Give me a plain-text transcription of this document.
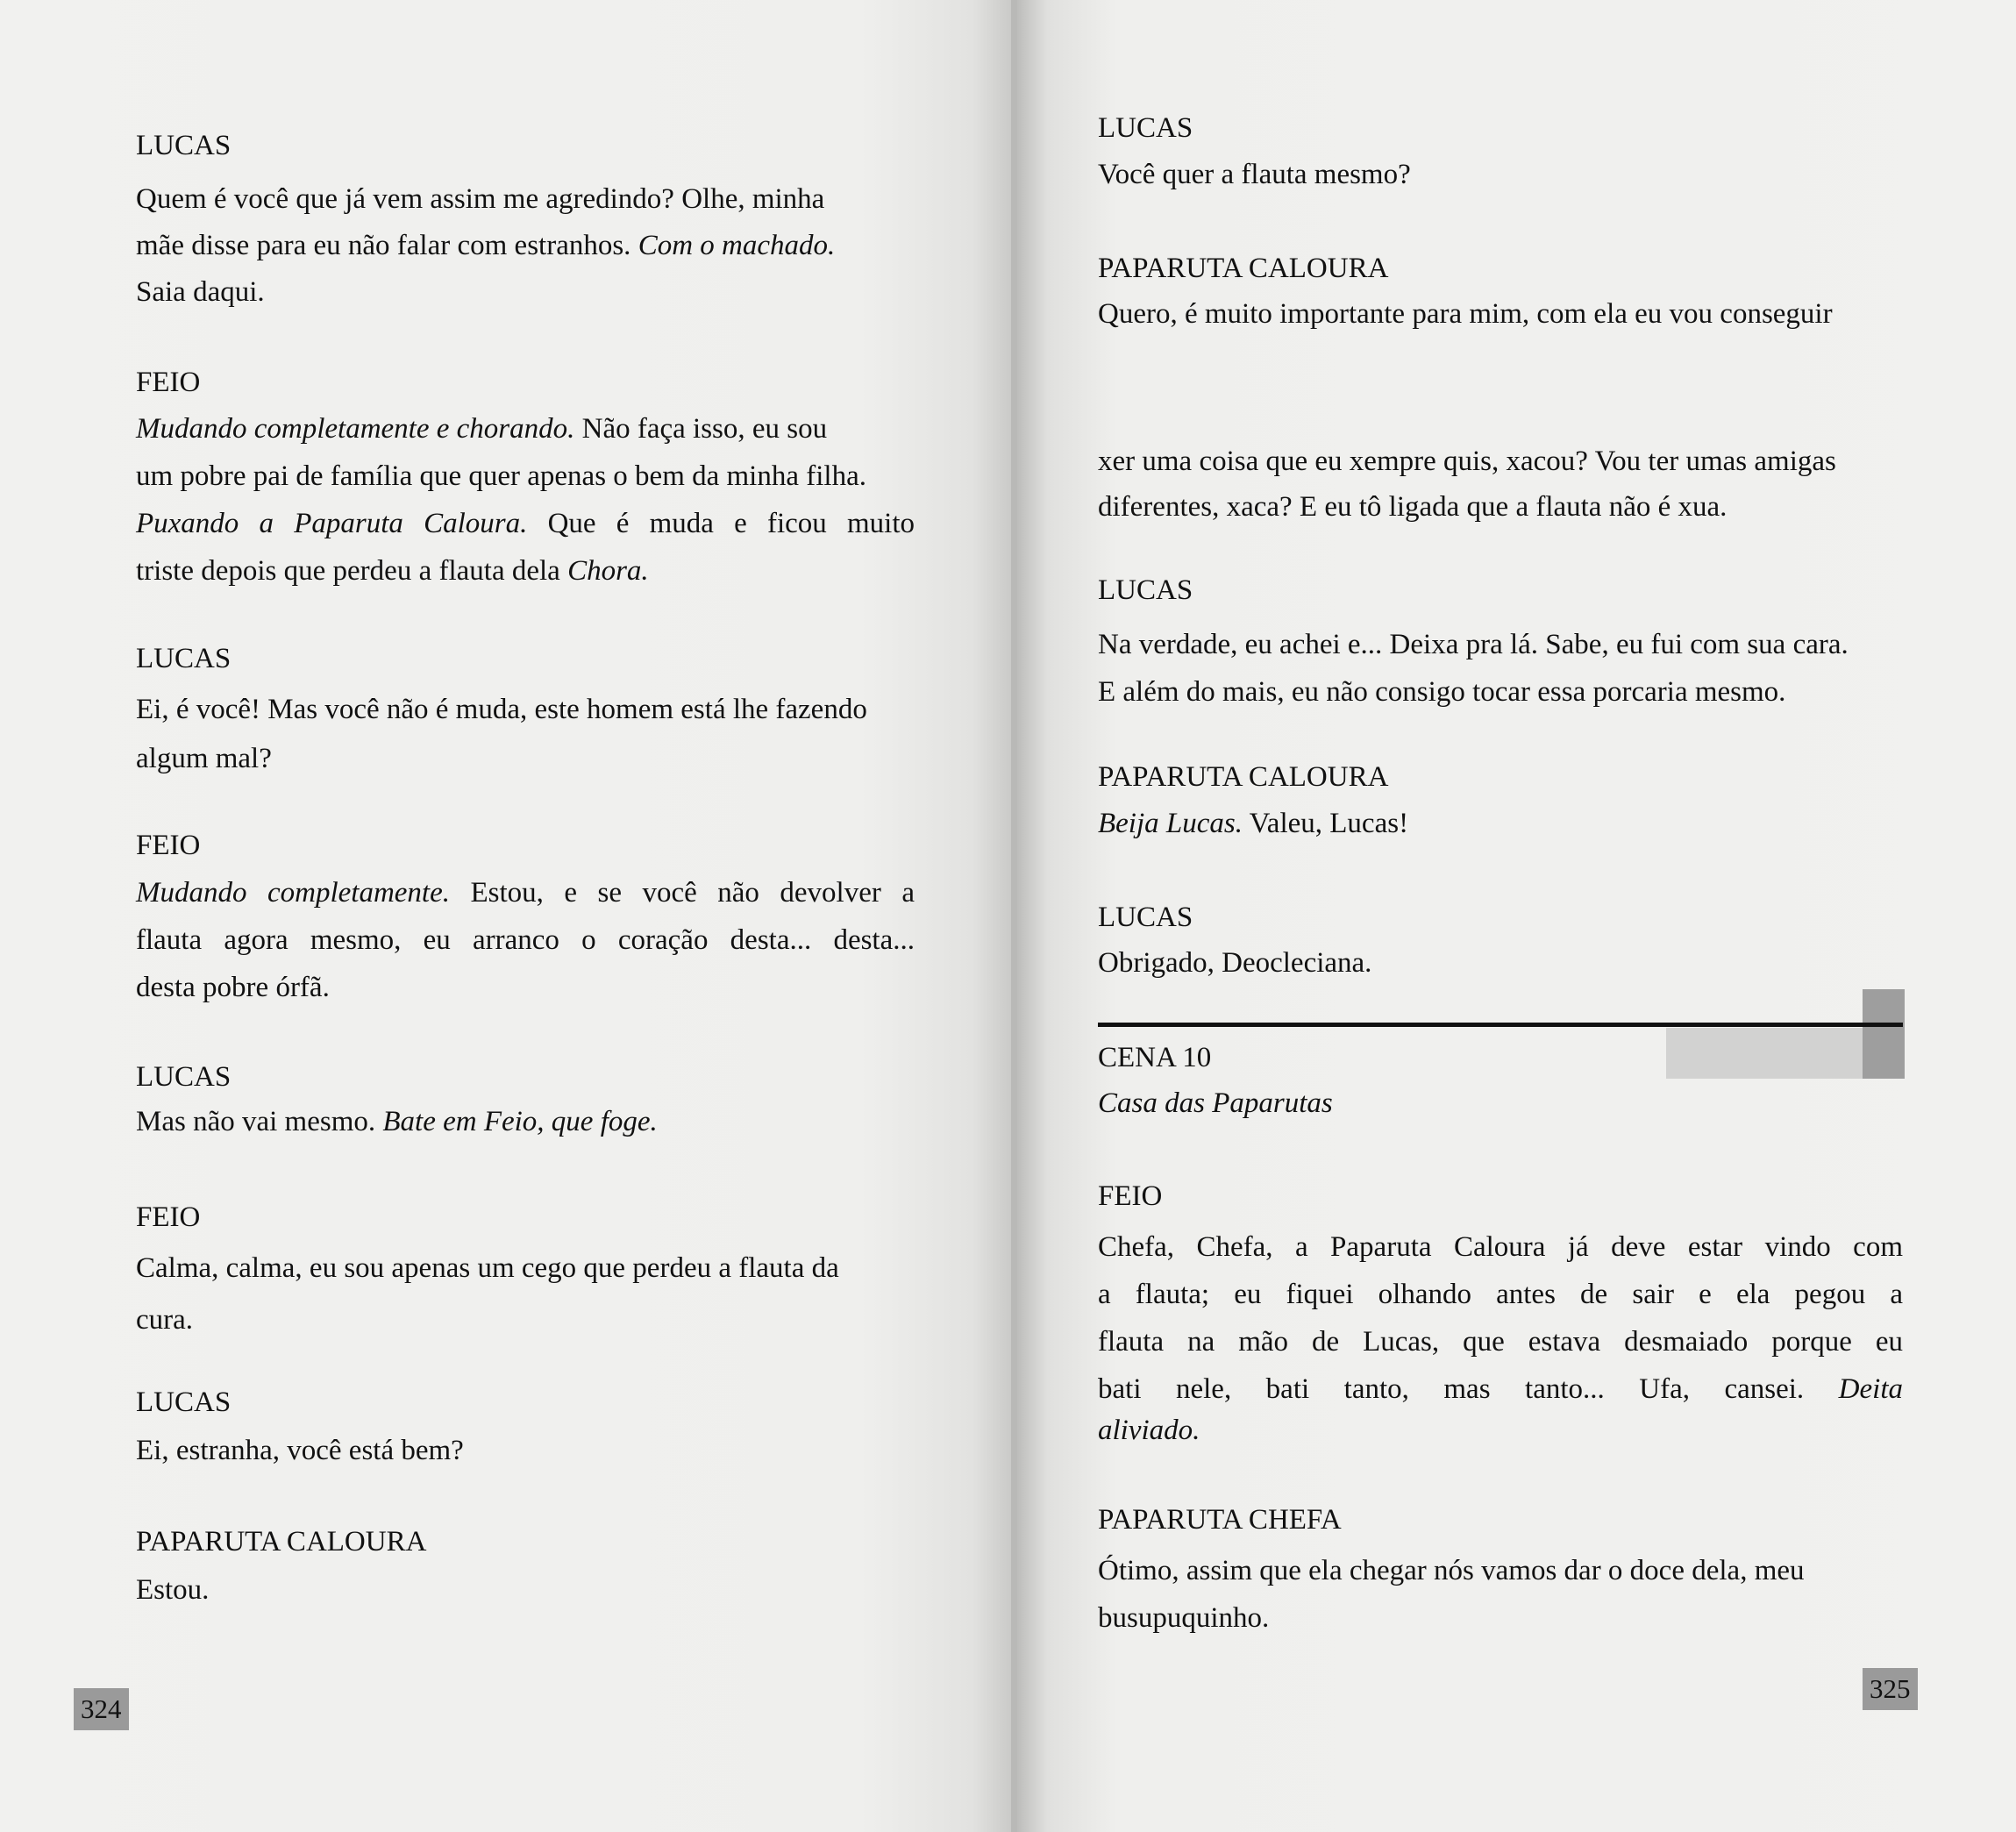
LUCAS
Quem é você que já vem assim me agredindo? Olhe, minha
mãe disse para eu não falar com estranhos. Com o machado.
Saia daqui.
FEIO
Mudando completamente e chorando. Não faça isso, eu sou
um pobre pai de família que quer apenas o bem da minha filha.
Puxando a Paparuta Caloura. Que é muda e ficou muito
triste depois que perdeu a flauta dela Chora.
LUCAS
Ei, é você! Mas você não é muda, este homem está lhe fazendo
algum mal?
FEIO
Mudando completamente. Estou, e se você não devolver a
flauta agora mesmo, eu arranco o coração desta... desta...
desta pobre órfã.
LUCAS
Mas não vai mesmo. Bate em Feio, que foge.
FEIO
Calma, calma, eu sou apenas um cego que perdeu a flauta da
cura.
LUCAS
Ei, estranha, você está bem?
PAPARUTA CALOURA
Estou.
324
LUCAS
Você quer a flauta mesmo?
PAPARUTA CALOURA
Quero, é muito importante para mim, com ela eu vou conseguir
xer uma coisa que eu xempre quis, xacou? Vou ter umas amigas
diferentes, xaca? E eu tô ligada que a flauta não é xua.
LUCAS
Na verdade, eu achei e... Deixa pra lá. Sabe, eu fui com sua cara.
E além do mais, eu não consigo tocar essa porcaria mesmo.
PAPARUTA CALOURA
Beija Lucas. Valeu, Lucas!
LUCAS
Obrigado, Deocleciana.
CENA 10
Casa das Paparutas
FEIO
Chefa, Chefa, a Paparuta Caloura já deve estar vindo com
a flauta; eu fiquei olhando antes de sair e ela pegou a
flauta na mão de Lucas, que estava desmaiado porque eu
bati nele, bati tanto, mas tanto... Ufa, cansei. Deita
aliviado.
PAPARUTA CHEFA
Ótimo, assim que ela chegar nós vamos dar o doce dela, meu
busupuquinho.
325
